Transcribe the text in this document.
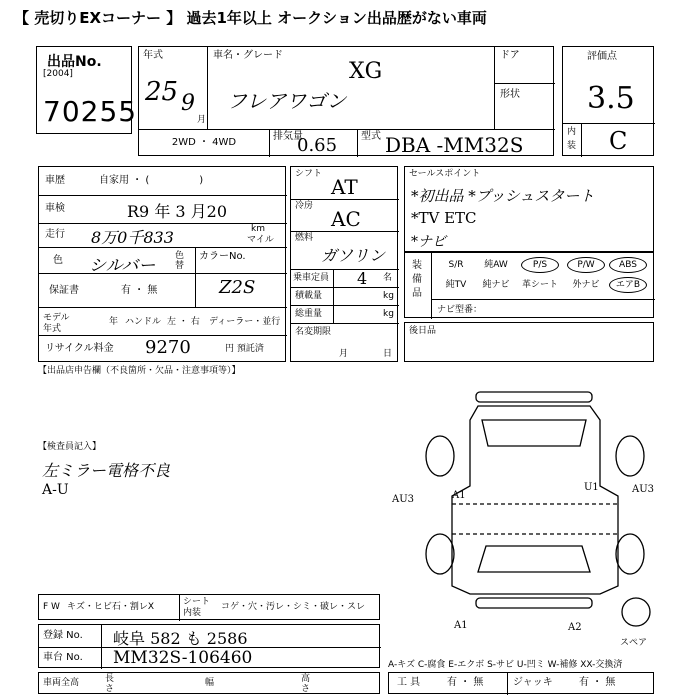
【 売切りEXコーナー 】 過去1年以上 オークション出品歴がない車両
出品No.
[2004]
70255
年式
25 9
月
車名・グレード
XG
フレアワゴン
ドア
形状
2WD ・ 4WD
排気量
0.65 型式 DBA -MM32S
評価点
3.5
内
装 C
車歴	自家用 ・ (　　　　　)
車検	R9 年 3 月20
走行 8万0千833	km
マイル
色 シルバー 色替
カラーNo.
Z2S
保証書	有 ・ 無
モデル年式
年 ハンドル 左 ・ 右 ディーラー・並行
リサイクル料金 9270	円 預託済
シフト
AT
冷房
AC
燃料
ガソリン
乗車定員 4 名
積載量	kg
総重量	kg
名変期限
月	日
セールスポイント
*初出品 *プッシュスタート
*TV ETC
*ナビ
装備品
ナビ型番：
S/R	純AW	P/S	P/W	ABS
純TV	純ナビ	革シート	外ナビ	エアB
後日品
【出品店申告欄（不良箇所・欠品・注意事項等）】
【検査員記入】
左ミラー電格不良
A-U
AU3	A1
U1	AU3
A1	A2
スペア
F W キズ・ヒビ石・割レX	シート内装
コゲ・穴・汚レ・シミ・破レ・スレ
登録 No. 岐阜 582 も 2586
車台 No. MM32S-106460
車両全高	長さ
幅	高さ
A-キズ C-腐食 E-エクボ S-サビ U-凹ミ W-補修 XX-交換済
工 具	有 ・ 無	ジャッキ	有 ・ 無
